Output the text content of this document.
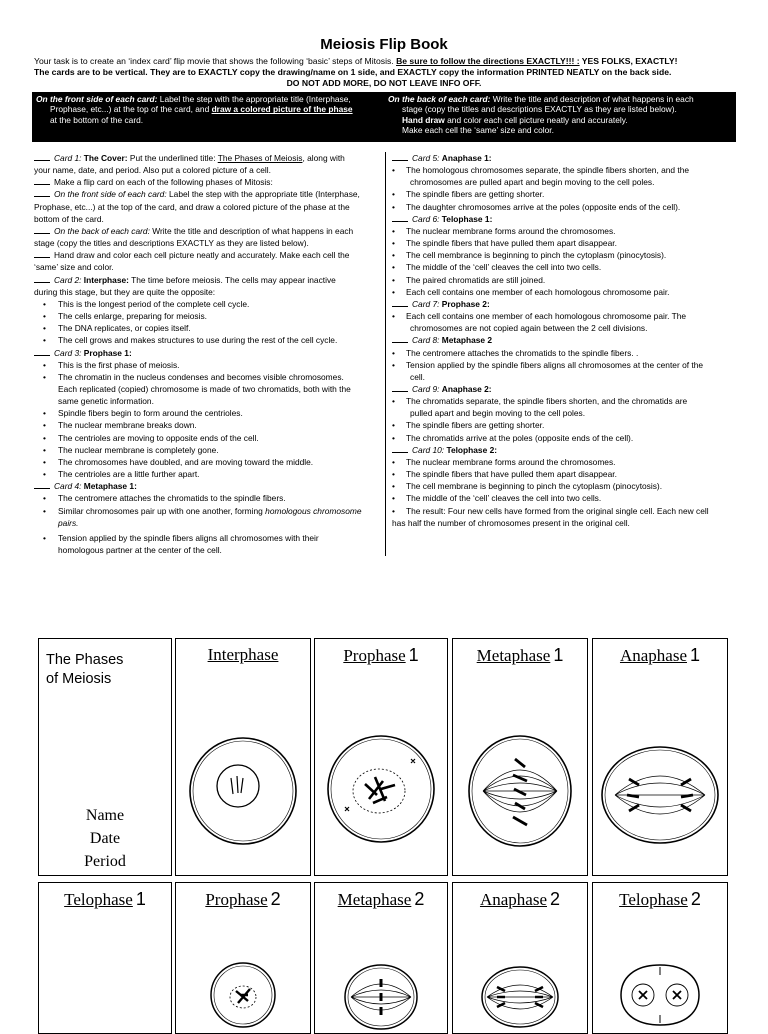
Meiosis Flip Book
Your task is to create an ‘index card’ flip movie that shows the following ‘basic’ steps of Mitosis. Be sure to follow the directions EXACTLY!!! : YES FOLKS, EXACTLY!
The cards are to be vertical. They are to EXACTLY copy the drawing/name on 1 side, and EXACTLY copy the information PRINTED NEATLY on the back side.
DO NOT ADD MORE, DO NOT LEAVE INFO OFF.
On the front side of each card: Label the step with the appropriate title (Interphase,
Prophase, etc...) at the top of the card, and draw a colored picture of the phase
at the bottom of the card.
On the back of each card: Write the title and description of what happens in each
stage (copy the titles and descriptions EXACTLY as they are listed below).
Hand draw and color each cell picture neatly and accurately.
Make each cell the ‘same’ size and color.

Card 1: The Cover: Put the underlined title: The Phases of Meiosis, along with

your name, date, and period. Also put a colored picture of a cell.

Make a flip card on each of the following phases of Mitosis:

On the front side of each card: Label the step with the appropriate title (Interphase,

Prophase, etc...) at the top of the card, and draw a colored picture of the phase at the

bottom of the card.

On the back of each card: Write the title and description of what happens in each

stage (copy the titles and descriptions EXACTLY as they are listed below).

Hand draw and color each cell picture neatly and accurately. Make each cell the

‘same’ size and color.

Card 2: Interphase: The time before meiosis. The cells may appear inactive

during this stage, but they are quite the opposite:

• This is the longest period of the complete cell cycle.
• The cells enlarge, preparing for meiosis.
• The DNA replicates, or copies itself.
• The cell grows and makes structures to use during the rest of the cell cycle.

Card 3: Prophase 1:

• This is the first phase of meiosis.
• The chromatin in the nucleus condenses and becomes visible chromosomes.

Each replicated (copied) chromosome is made of two chromatids, both with the

same genetic information.

• Spindle fibers begin to form around the centrioles.
• The nuclear membrane breaks down.
• The centrioles are moving to opposite ends of the cell.
• The nuclear membrane is completely gone.
• The chromosomes have doubled, and are moving toward the middle.
• The centrioles are a little further apart.

Card 4: Metaphase 1:

• The centromere attaches the chromatids to the spindle fibers.
• Similar chromosomes pair up with one another, forming homologous chromosome

pairs.

• Tension applied by the spindle fibers aligns all chromosomes with their

homologous partner at the center of the cell.

Card 5: Anaphase 1:

• The homologous chromosomes separate, the spindle fibers shorten, and the

chromosomes are pulled apart and begin moving to the cell poles.

• The spindle fibers are getting shorter.
• The daughter chromosomes arrive at the poles (opposite ends of the cell).

Card 6: Telophase 1:

• The nuclear membrane forms around the chromosomes.
• The spindle fibers that have pulled them apart disappear.
• The cell membrance is beginning to pinch the cytoplasm (pinocytosis).
• The middle of the ‘cell’ cleaves the cell into two cells.
• The paired chromatids are still joined.
• Each cell contains one member of each homologous chromosome pair.

Card 7: Prophase 2:

• Each cell contains one member of each homologous chromosome pair. The

chromosomes are not copied again between the 2 cell divisions.

Card 8: Metaphase 2

• The centromere attaches the chromatids to the spindle fibers. .
• Tension applied by the spindle fibers aligns all chromosomes at the center of the

cell.

Card 9: Anaphase 2:

• The chromatids separate, the spindle fibers shorten, and the chromatids are

pulled apart and begin moving to the cell poles.

• The spindle fibers are getting shorter.
• The chromatids arrive at the poles (opposite ends of the cell).

Card 10: Telophase 2:

• The nuclear membrane forms around the chromosomes.
• The spindle fibers that have pulled them apart disappear.
• The cell membrane is beginning to pinch the cytoplasm (pinocytosis).
• The middle of the ‘cell’ cleaves the cell into two cells.
• The result: Four new cells have formed from the original single cell. Each new cell

has half the number of chromosomes present in the original cell.

The Phases
of Meiosis
Name
Date
Period
Interphase	Prophase 1	Metaphase 1	Anaphase 1
Telophase 1	Prophase 2	Metaphase 2	Anaphase 2	Telophase 2
